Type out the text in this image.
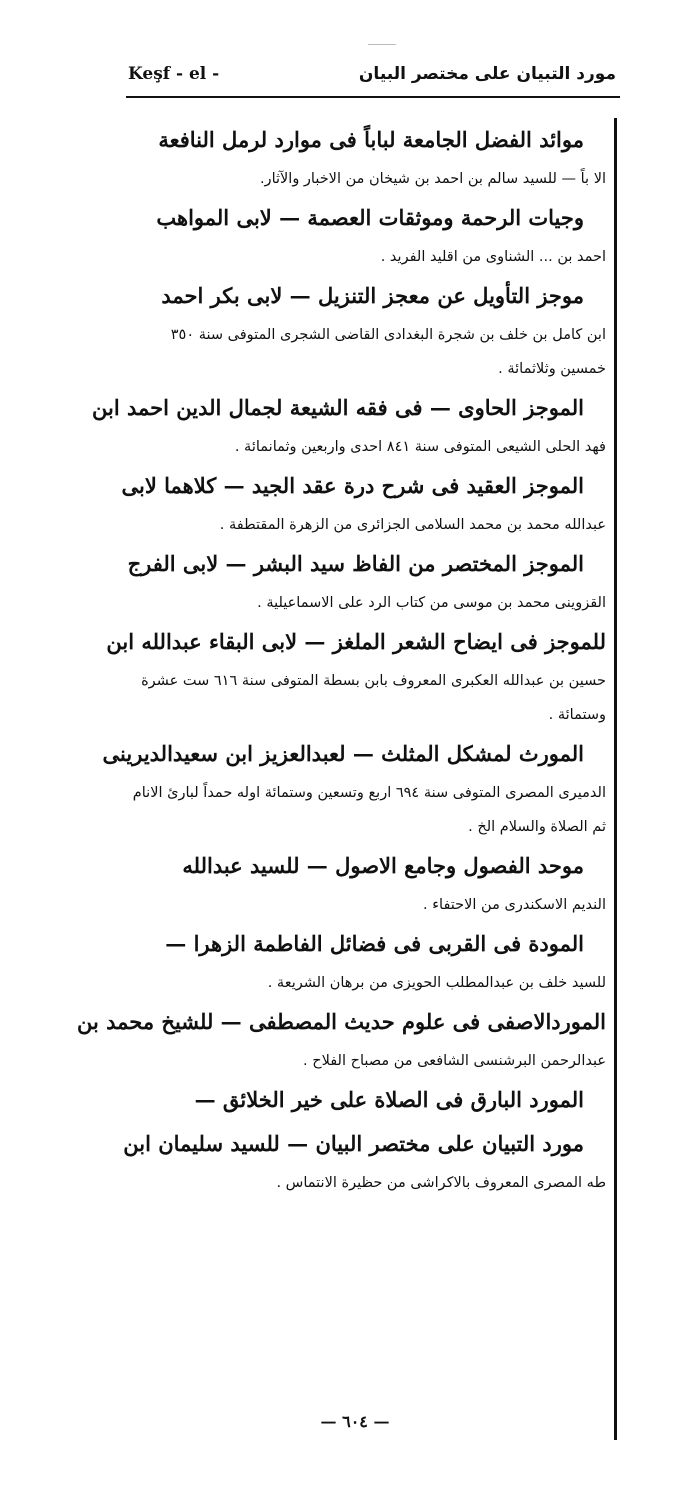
مورد التبيان على مختصر البيان
Keşf - el -
موائد الفضل الجامعة لباباً فى موارد لرمل النافعة
الا باً — للسيد سالم بن احمد بن شيخان من الاخبار والآثار.
وجيات الرحمة وموثقات العصمة — لابى المواهب
احمد بن ... الشناوى من اقليد الفريد .
موجز التأويل عن معجز التنزيل — لابى بكر احمد
ابن كامل بن خلف بن شجرة البغدادى القاضى الشجرى المتوفى سنة ٣٥٠ خمسين وثلاثمائة .
الموجز الحاوى — فى فقه الشيعة لجمال الدين احمد ابن
فهد الحلى الشيعى المتوفى سنة ٨٤١ احدى واربعين وثمانمائة .
الموجز العقيد فى شرح درة عقد الجيد — كلاهما لابى
عبدالله محمد بن محمد السلامى الجزائرى من الزهرة المقتطفة .
الموجز المختصر من الفاظ سيد البشر — لابى الفرج
القزوينى محمد بن موسى من كتاب الرد على الاسماعيلية .
للموجز فى ايضاح الشعر الملغز — لابى البقاء عبدالله ابن
حسين بن عبدالله العكبرى المعروف بابن بسطة المتوفى سنة ٦١٦ ست عشرة وستمائة .
المورث لمشكل المثلث — لعبدالعزيز ابن سعيدالديرينى
الدميرى المصرى المتوفى سنة ٦٩٤ اربع وتسعين وستمائة اوله حمداً لبارئ الانام ثم الصلاة والسلام الخ .
موحد الفصول وجامع الاصول — للسيد عبدالله
النديم الاسكندرى من الاحتفاء .
المودة فى القربى فى فضائل الفاطمة الزهرا —
للسيد خلف بن عبدالمطلب الحويزى من برهان الشريعة .
الموردالاصفى فى علوم حديث المصطفى — للشيخ محمد بن
عبدالرحمن البرشنسى الشافعى من مصباح الفلاح .
المورد البارق فى الصلاة على خير الخلائق —
مورد التبيان على مختصر البيان — للسيد سليمان ابن
طه المصرى المعروف بالاكراشى من حظيرة الانتماس .
— ٦٠٤ —
